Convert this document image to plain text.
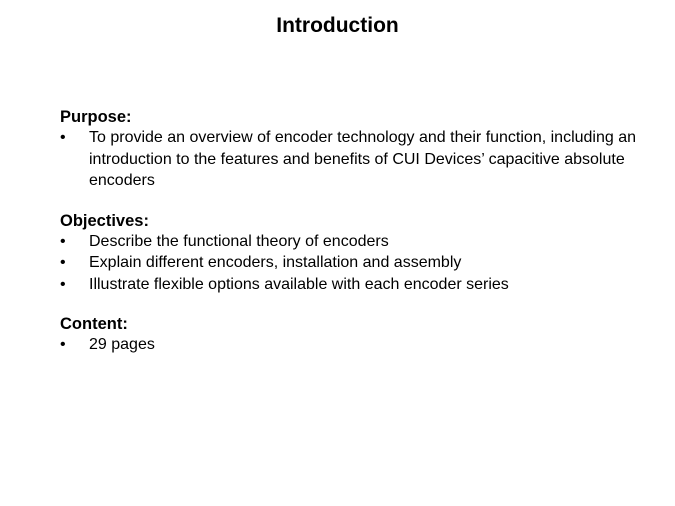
Introduction
Purpose:
•	To provide an overview of encoder technology and their function, including an introduction to the features and benefits of CUI Devices’ capacitive absolute encoders
Objectives:
•	Describe the functional theory of encoders
•	Explain different encoders, installation and assembly
•	Illustrate flexible options available with each encoder series
Content:
•	29 pages
